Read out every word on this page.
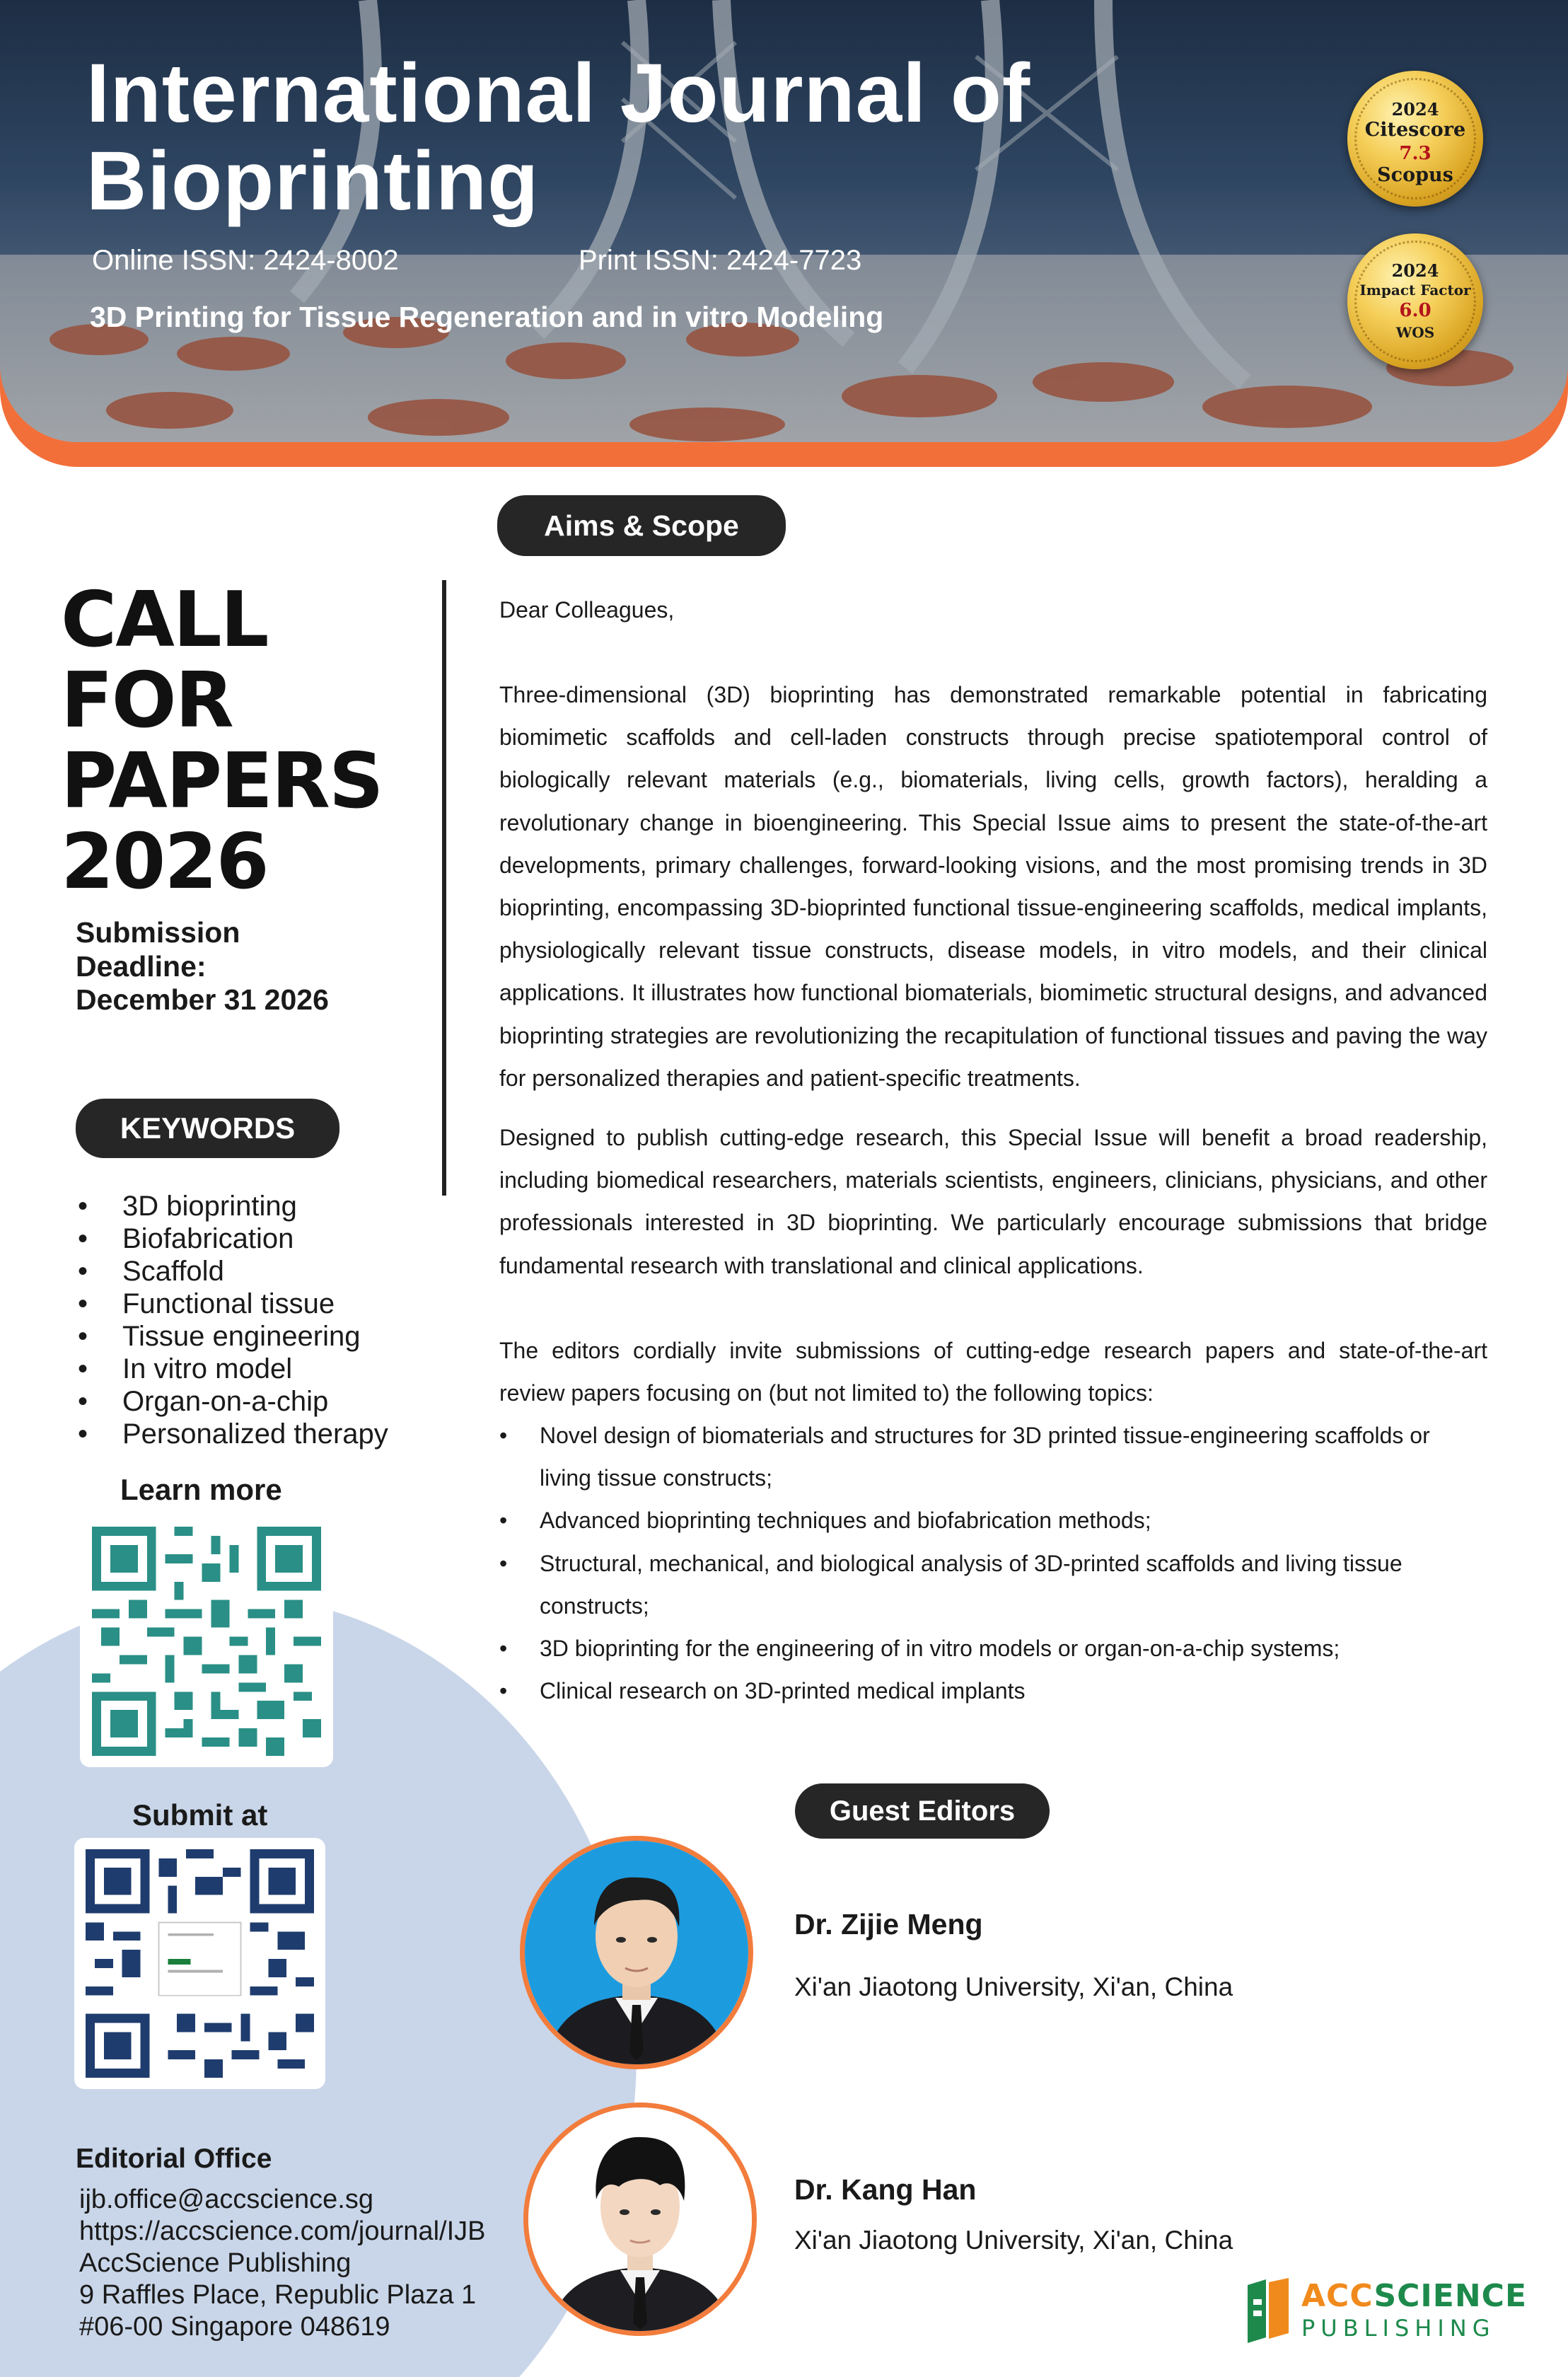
International Journal of
Bioprinting
Online ISSN: 2424-8002	Print ISSN: 2424-7723
3D Printing for Tissue Regeneration and in vitro Modeling
2024
Citescore
7.3
Scopus
2024
Impact Factor
6.0
WOS
CALL
FOR
PAPERS
2026
Submission Deadline:
December 31 2026
KEYWORDS
• 3D bioprinting
• Biofabrication
• Scaffold
• Functional tissue
• Tissue engineering
• In vitro model
• Organ-on-a-chip
• Personalized therapy
Learn more
Submit at
Editorial Office
ijb.office@accscience.sg
https://accscience.com/journal/IJB
AccScience Publishing
9 Raffles Place, Republic Plaza 1
#06-00 Singapore 048619
Aims & Scope
Dear Colleagues,
Three-dimensional (3D) bioprinting has demonstrated remarkable potential in fabricating biomimetic scaffolds and cell-laden constructs through precise spatiotemporal control of biologically relevant materials (e.g., biomaterials, living cells, growth factors), heralding a revolutionary change in bioengineering. This Special Issue aims to present the state-of-the-art developments, primary challenges, forward-looking visions, and the most promising trends in 3D bioprinting, encompassing 3D-bioprinted functional tissue-engineering scaffolds, medical implants, physiologically relevant tissue constructs, disease models, in vitro models, and their clinical applications. It illustrates how functional biomaterials, biomimetic structural designs, and advanced bioprinting strategies are revolutionizing the recapitulation of functional tissues and paving the way for personalized therapies and patient-specific treatments.
Designed to publish cutting-edge research, this Special Issue will benefit a broad readership, including biomedical researchers, materials scientists, engineers, clinicians, physicians, and other professionals interested in 3D bioprinting. We particularly encourage submissions that bridge fundamental research with translational and clinical applications.
The editors cordially invite submissions of cutting-edge research papers and state-of-the-art review papers focusing on (but not limited to) the following topics:
• Novel design of biomaterials and structures for 3D printed tissue-engineering scaffolds or living tissue constructs;
• Advanced bioprinting techniques and biofabrication methods;
• Structural, mechanical, and biological analysis of 3D-printed scaffolds and living tissue constructs;
• 3D bioprinting for the engineering of in vitro models or organ-on-a-chip systems;
• Clinical research on 3D-printed medical implants
Guest Editors
Dr. Zijie Meng
Xi'an Jiaotong University, Xi'an, China
Dr. Kang Han
Xi'an Jiaotong University, Xi'an, China
ACCSCIENCE
PUBLISHING
